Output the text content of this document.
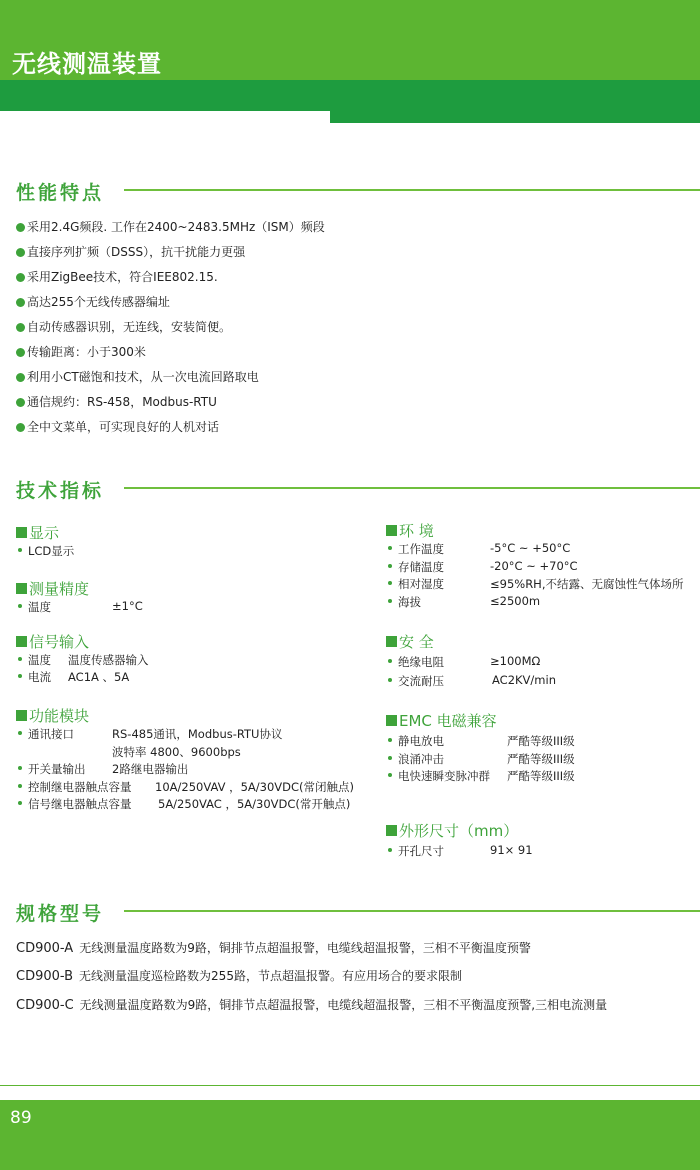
无线测温装置
性能特点
采用2.4G频段. 工作在2400~2483.5MHz（ISM）频段
直接序列扩频（DSSS），抗干扰能力更强
采用ZigBee技术，符合IEE802.15.
高达255个无线传感器编址
自动传感器识别，无连线，安装简便。
传输距离：小于300米
利用小CT磁饱和技术，从一次电流回路取电
通信规约：RS-458，Modbus-RTU
全中文菜单，可实现良好的人机对话
技术指标
显示
LCD显示
测量精度
温度	±1°C
信号输入
温度 温度传感器输入
电流 AC1A 、5A
功能模块
通讯接口	RS-485通讯，Modbus-RTU协议
波特率 4800、9600bps
开关量输出 2路继电器输出
控制继电器触点容量 10A/250VAV ，5A/30VDC(常闭触点)
信号继电器触点容量 5A/250VAC ，5A/30VDC(常开触点)
环 境
工作温度	-5°C ~ +50°C
存储温度	-20°C ~ +70°C
相对湿度	≤95%RH,不结露、无腐蚀性气体场所
海拔	≤2500m
安 全
绝缘电阻	≥100MΩ
交流耐压	AC2KV/min
EMC 电磁兼容
静电放电	严酷等级III级
浪涌冲击	严酷等级III级
电快速瞬变脉冲群 严酷等级III级
外形尺寸（mm）
开孔尺寸	91× 91
规格型号
CD900-A 无线测量温度路数为9路，铜排节点超温报警，电缆线超温报警，三相不平衡温度预警
CD900-B 无线测量温度巡检路数为255路，节点超温报警。有应用场合的要求限制
CD900-C 无线测量温度路数为9路，铜排节点超温报警，电缆线超温报警，三相不平衡温度预警,三相电流测量
89
